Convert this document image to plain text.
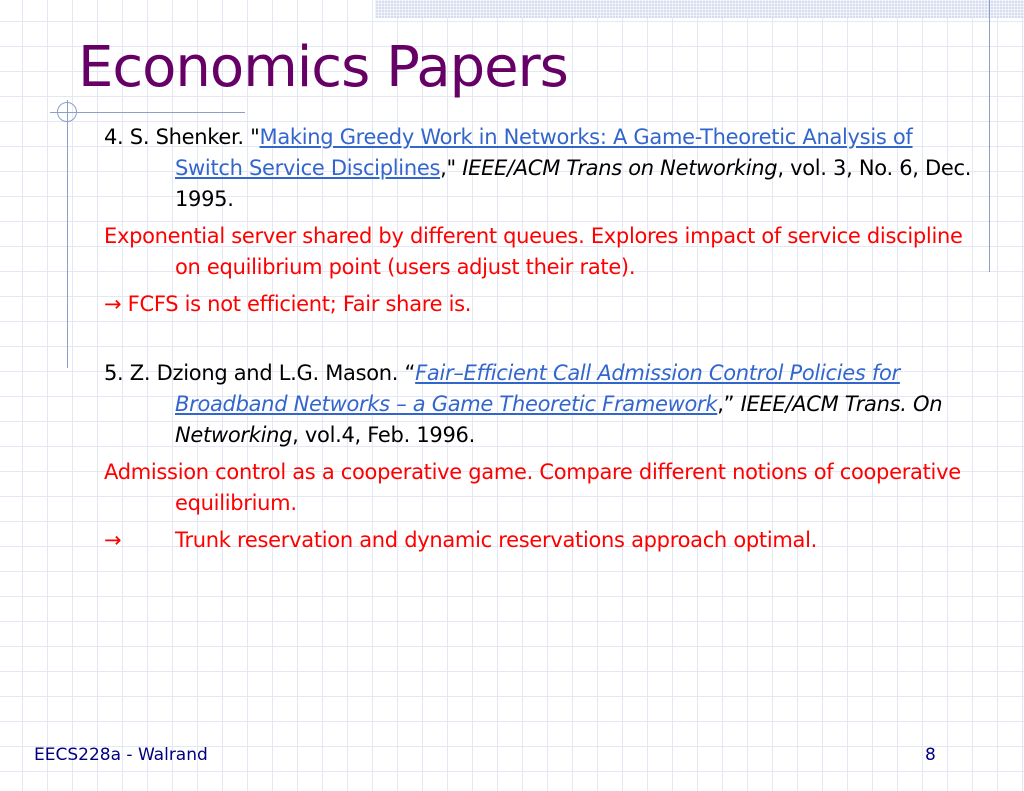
Economics Papers

4. S. Shenker. "Making Greedy Work in Networks: A Game-Theoretic Analysis of Switch Service Disciplines," IEEE/ACM Trans on Networking, vol. 3, No. 6, Dec. 1995.

Exponential server shared by different queues. Explores impact of service discipline on equilibrium point (users adjust their rate).

→ FCFS is not efficient; Fair share is.

5. Z. Dziong and L.G. Mason. “Fair–Efficient Call Admission Control Policies for Broadband Networks – a Game Theoretic Framework,” IEEE/ACM Trans. On Networking, vol.4, Feb. 1996.

Admission control as a cooperative game. Compare different notions of cooperative equilibrium.

→	Trunk reservation and dynamic reservations approach optimal.

EECS228a - Walrand	8
